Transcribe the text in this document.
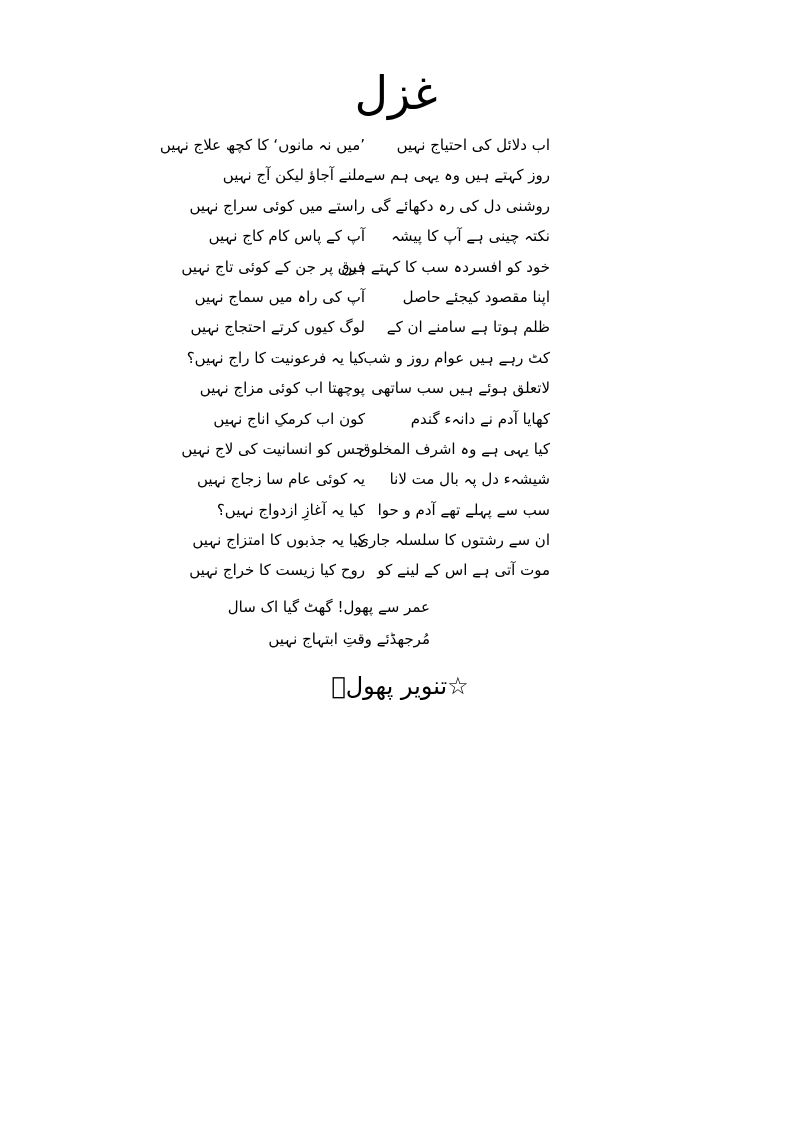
غزل
اب دلائل کی احتیاج نہیں
’میں نہ مانوں‘ کا کچھ علاج نہیں
روز کہتے ہیں وہ یہی ہم سے
ملنے آجاؤ لیکن آج نہیں
روشنی دل کی رہ دکھائے گی
راستے میں کوئی سراج نہیں
نکتہ چینی ہے آپ کا پیشہ
آپ کے پاس کام کاج نہیں
خود کو افسردہ سب کا کہتے ہیں
فرق پر جن کے کوئی تاج نہیں
اپنا مقصود کیجئے حاصل
آپ کی راہ میں سماج نہیں
ظلم ہوتا ہے سامنے ان کے
لوگ کیوں کرتے احتجاج نہیں
کٹ رہے ہیں عوام روز و شب
کیا یہ فرعونیت کا راج نہیں؟
لاتعلق ہوئے ہیں سب ساتھی
پوچھتا اب کوئی مزاج نہیں
کھایا آدم نے دانہء گندم
کون اب کرمکِ اناج نہیں
کیا یہی ہے وہ اشرف المخلوق
جس کو انسانیت کی لاج نہیں
شیشہء دل پہ بال مت لانا
یہ کوئی عام سا زجاج نہیں
سب سے پہلے تھے آدم و حوا
کیا یہ آغازِ ازدواج نہیں؟
ان سے رشتوں کا سلسلہ جاری
کیا یہ جذبوں کا امتزاج نہیں
موت آتی ہے اس کے لینے کو
روح کیا زیست کا خراج نہیں
عمر سے پھول! گھٹ گیا اک سال
مُرجھڈئے وقتِ ابتہاج نہیں
☆تنویر پھولؔ
